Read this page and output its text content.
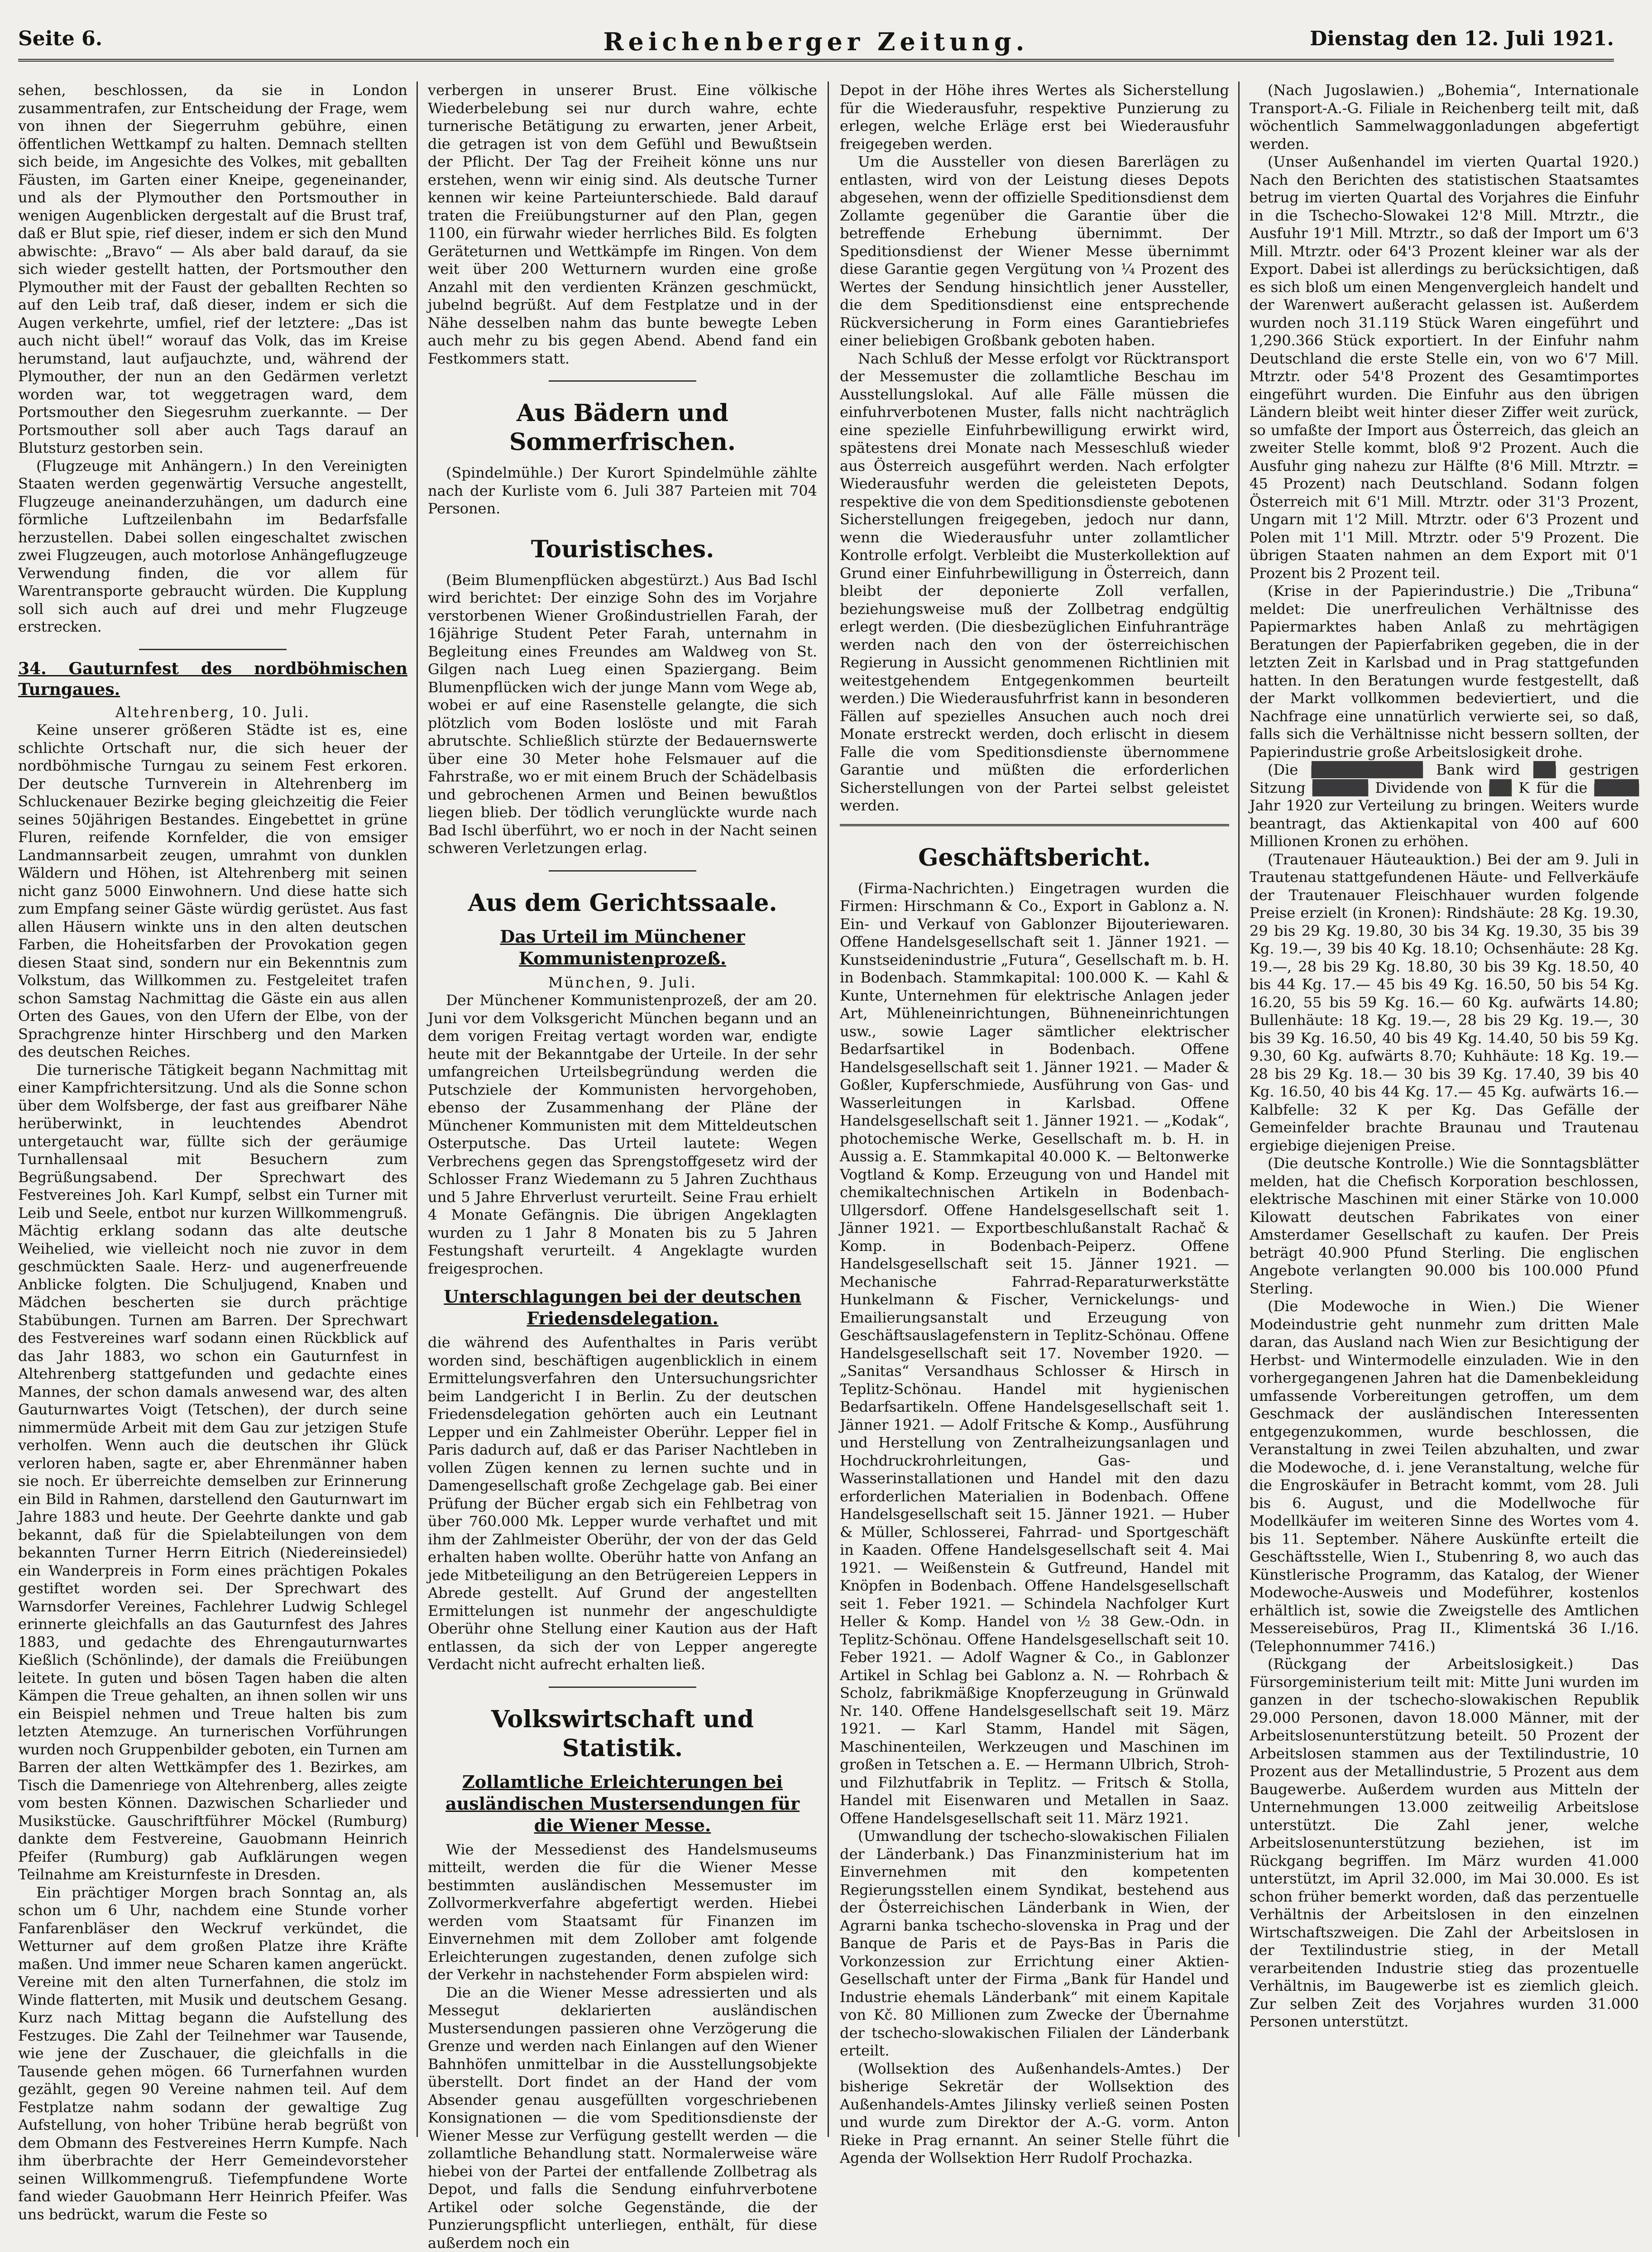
Seite 6.	Reichenberger Zeitung.	Dienstag den 12. Juli 1921.

sehen, beschlossen, da sie in London zusammentrafen, zur Entscheidung der Frage, wem von ihnen der Siegerruhm gebühre, einen öffentlichen Wettkampf zu halten. Demnach stellten sich beide, im Angesichte des Volkes, mit geballten Fäusten, im Garten einer Kneipe, gegeneinander, und als der Plymouther den Portsmouther in wenigen Augenblicken dergestalt auf die Brust traf, daß er Blut spie, rief dieser, indem er sich den Mund abwischte: „Bravo“ — Als aber bald darauf, da sie sich wieder gestellt hatten, der Portsmouther den Plymouther mit der Faust der geballten Rechten so auf den Leib traf, daß dieser, indem er sich die Augen verkehrte, umfiel, rief der letztere: „Das ist auch nicht übel!“ worauf das Volk, das im Kreise herumstand, laut aufjauchzte, und, während der Plymouther, der nun an den Gedärmen verletzt worden war, tot weggetragen ward, dem Portsmouther den Siegesruhm zuerkannte. — Der Portsmouther soll aber auch Tags darauf an Blutsturz gestorben sein.

(Flugzeuge mit Anhängern.) In den Vereinigten Staaten werden gegenwärtig Versuche angestellt, Flugzeuge aneinanderzuhängen, um dadurch eine förmliche Luftzeilenbahn im Bedarfsfalle herzustellen. Dabei sollen eingeschaltet zwischen zwei Flugzeugen, auch motorlose Anhängeflugzeuge Verwendung finden, die vor allem für Warentransporte gebraucht würden. Die Kupplung soll sich auch auf drei und mehr Flugzeuge erstrecken.

34. Gauturnfest des nordböhmischen Turngaues.

Altehrenberg, 10. Juli.

Keine unserer größeren Städte ist es, eine schlichte Ortschaft nur, die sich heuer der nordböhmische Turngau zu seinem Fest erkoren. Der deutsche Turnverein in Altehrenberg im Schluckenauer Bezirke beging gleichzeitig die Feier seines 50jährigen Bestandes. Eingebettet in grüne Fluren, reifende Kornfelder, die von emsiger Landmannsarbeit zeugen, umrahmt von dunklen Wäldern und Höhen, ist Altehrenberg mit seinen nicht ganz 5000 Einwohnern. Und diese hatte sich zum Empfang seiner Gäste würdig gerüstet. Aus fast allen Häusern winkte uns in den alten deutschen Farben, die Hoheitsfarben der Provokation gegen diesen Staat sind, sondern nur ein Bekenntnis zum Volkstum, das Willkommen zu. Festgeleitet trafen schon Samstag Nachmittag die Gäste ein aus allen Orten des Gaues, von den Ufern der Elbe, von der Sprachgrenze hinter Hirschberg und den Marken des deutschen Reiches.

Die turnerische Tätigkeit begann Nachmittag mit einer Kampfrichtersitzung. Und als die Sonne schon über dem Wolfsberge, der fast aus greifbarer Nähe herüberwinkt, in leuchtendes Abendrot untergetaucht war, füllte sich der geräumige Turnhallensaal mit Besuchern zum Begrüßungsabend. Der Sprechwart des Festvereines Joh. Karl Kumpf, selbst ein Turner mit Leib und Seele, entbot nur kurzen Willkommengruß. Mächtig erklang sodann das alte deutsche Weihelied, wie vielleicht noch nie zuvor in dem geschmückten Saale. Herz- und augenerfreuende Anblicke folgten. Die Schuljugend, Knaben und Mädchen bescherten sie durch prächtige Stabübungen. Turnen am Barren. Der Sprechwart des Festvereines warf sodann einen Rückblick auf das Jahr 1883, wo schon ein Gauturnfest in Altehrenberg stattgefunden und gedachte eines Mannes, der schon damals anwesend war, des alten Gauturnwartes Voigt (Tetschen), der durch seine nimmermüde Arbeit mit dem Gau zur jetzigen Stufe verholfen. Wenn auch die deutschen ihr Glück verloren haben, sagte er, aber Ehrenmänner haben sie noch. Er überreichte demselben zur Erinnerung ein Bild in Rahmen, darstellend den Gauturnwart im Jahre 1883 und heute. Der Geehrte dankte und gab bekannt, daß für die Spielabteilungen von dem bekannten Turner Herrn Eitrich (Niedereinsiedel) ein Wanderpreis in Form eines prächtigen Pokales gestiftet worden sei. Der Sprechwart des Warnsdorfer Vereines, Fachlehrer Ludwig Schlegel erinnerte gleichfalls an das Gauturnfest des Jahres 1883, und gedachte des Ehrengauturnwartes Kießlich (Schönlinde), der damals die Freiübungen leitete. In guten und bösen Tagen haben die alten Kämpen die Treue gehalten, an ihnen sollen wir uns ein Beispiel nehmen und Treue halten bis zum letzten Atemzuge. An turnerischen Vorführungen wurden noch Gruppenbilder geboten, ein Turnen am Barren der alten Wettkämpfer des 1. Bezirkes, am Tisch die Damenriege von Altehrenberg, alles zeigte vom besten Können. Dazwischen Scharlieder und Musikstücke. Gauschriftführer Möckel (Rumburg) dankte dem Festvereine, Gauobmann Heinrich Pfeifer (Rumburg) gab Aufklärungen wegen Teilnahme am Kreisturnfeste in Dresden.

Ein prächtiger Morgen brach Sonntag an, als schon um 6 Uhr, nachdem eine Stunde vorher Fanfarenbläser den Weckruf verkündet, die Wetturner auf dem großen Platze ihre Kräfte maßen. Und immer neue Scharen kamen angerückt. Vereine mit den alten Turnerfahnen, die stolz im Winde flatterten, mit Musik und deutschem Gesang. Kurz nach Mittag begann die Aufstellung des Festzuges. Die Zahl der Teilnehmer war Tausende, wie jene der Zuschauer, die gleichfalls in die Tausende gehen mögen. 66 Turnerfahnen wurden gezählt, gegen 90 Vereine nahmen teil. Auf dem Festplatze nahm sodann der gewaltige Zug Aufstellung, von hoher Tribüne herab begrüßt von dem Obmann des Festvereines Herrn Kumpfe. Nach ihm überbrachte der Herr Gemeindevorsteher seinen Willkommengruß. Tiefempfundene Worte fand wieder Gauobmann Herr Heinrich Pfeifer. Was uns bedrückt, warum die Feste so

verbergen in unserer Brust. Eine völkische Wiederbelebung sei nur durch wahre, echte turnerische Betätigung zu erwarten, jener Arbeit, die getragen ist von dem Gefühl und Bewußtsein der Pflicht. Der Tag der Freiheit könne uns nur erstehen, wenn wir einig sind. Als deutsche Turner kennen wir keine Parteiunterschiede. Bald darauf traten die Freiübungsturner auf den Plan, gegen 1100, ein fürwahr wieder herrliches Bild. Es folgten Geräteturnen und Wettkämpfe im Ringen. Von dem weit über 200 Wetturnern wurden eine große Anzahl mit den verdienten Kränzen geschmückt, jubelnd begrüßt. Auf dem Festplatze und in der Nähe desselben nahm das bunte bewegte Leben auch mehr zu bis gegen Abend. Abend fand ein Festkommers statt.

Aus Bädern und Sommerfrischen.

(Spindelmühle.) Der Kurort Spindelmühle zählte nach der Kurliste vom 6. Juli 387 Parteien mit 704 Personen.

Touristisches.

(Beim Blumenpflücken abgestürzt.) Aus Bad Ischl wird berichtet: Der einzige Sohn des im Vorjahre verstorbenen Wiener Großindustriellen Farah, der 16jährige Student Peter Farah, unternahm in Begleitung eines Freundes am Waldweg von St. Gilgen nach Lueg einen Spaziergang. Beim Blumenpflücken wich der junge Mann vom Wege ab, wobei er auf eine Rasenstelle gelangte, die sich plötzlich vom Boden loslöste und mit Farah abrutschte. Schließlich stürzte der Bedauernswerte über eine 30 Meter hohe Felsmauer auf die Fahrstraße, wo er mit einem Bruch der Schädelbasis und gebrochenen Armen und Beinen bewußtlos liegen blieb. Der tödlich verunglückte wurde nach Bad Ischl überführt, wo er noch in der Nacht seinen schweren Verletzungen erlag.

Aus dem Gerichtssaale.
Das Urteil im Münchener Kommunistenprozeß.

München, 9. Juli.

Der Münchener Kommunistenprozeß, der am 20. Juni vor dem Volksgericht München begann und an dem vorigen Freitag vertagt worden war, endigte heute mit der Bekanntgabe der Urteile. In der sehr umfangreichen Urteilsbegründung werden die Putschziele der Kommunisten hervorgehoben, ebenso der Zusammenhang der Pläne der Münchener Kommunisten mit dem Mitteldeutschen Osterputsche. Das Urteil lautete: Wegen Verbrechens gegen das Sprengstoffgesetz wird der Schlosser Franz Wiedemann zu 5 Jahren Zuchthaus und 5 Jahre Ehrverlust verurteilt. Seine Frau erhielt 4 Monate Gefängnis. Die übrigen Angeklagten wurden zu 1 Jahr 8 Monaten bis zu 5 Jahren Festungshaft verurteilt. 4 Angeklagte wurden freigesprochen.

Unterschlagungen bei der deutschen Friedensdelegation.

die während des Aufenthaltes in Paris verübt worden sind, beschäftigen augenblicklich in einem Ermittelungsverfahren den Untersuchungsrichter beim Landgericht I in Berlin. Zu der deutschen Friedensdelegation gehörten auch ein Leutnant Lepper und ein Zahlmeister Oberühr. Lepper fiel in Paris dadurch auf, daß er das Pariser Nachtleben in vollen Zügen kennen zu lernen suchte und in Damengesellschaft große Zechgelage gab. Bei einer Prüfung der Bücher ergab sich ein Fehlbetrag von über 760.000 Mk. Lepper wurde verhaftet und mit ihm der Zahlmeister Oberühr, der von der das Geld erhalten haben wollte. Oberühr hatte von Anfang an jede Mitbeteiligung an den Betrügereien Leppers in Abrede gestellt. Auf Grund der angestellten Ermittelungen ist nunmehr der angeschuldigte Oberühr ohne Stellung einer Kaution aus der Haft entlassen, da sich der von Lepper angeregte Verdacht nicht aufrecht erhalten ließ.

Volkswirtschaft und Statistik.
Zollamtliche Erleichterungen bei ausländischen Mustersendungen für die Wiener Messe.

Wie der Messedienst des Handelsmuseums mitteilt, werden die für die Wiener Messe bestimmten ausländischen Messemuster im Zollvormerkverfahre abgefertigt werden. Hiebei werden vom Staatsamt für Finanzen im Einvernehmen mit dem Zollober amt folgende Erleichterungen zugestanden, denen zufolge sich der Verkehr in nachstehender Form abspielen wird:

Die an die Wiener Messe adressierten und als Messegut deklarierten ausländischen Mustersendungen passieren ohne Verzögerung die Grenze und werden nach Einlangen auf den Wiener Bahnhöfen unmittelbar in die Ausstellungsobjekte überstellt. Dort findet an der Hand der vom Absender genau ausgefüllten vorgeschriebenen Konsignationen — die vom Speditionsdienste der Wiener Messe zur Verfügung gestellt werden — die zollamtliche Behandlung statt. Normalerweise wäre hiebei von der Partei der entfallende Zollbetrag als Depot, und falls die Sendung einfuhrverbotene Artikel oder solche Gegenstände, die der Punzierungspflicht unterliegen, enthält, für diese außerdem noch ein

Depot in der Höhe ihres Wertes als Sicherstellung für die Wiederausfuhr, respektive Punzierung zu erlegen, welche Erläge erst bei Wiederausfuhr freigegeben werden.

Um die Aussteller von diesen Barerlägen zu entlasten, wird von der Leistung dieses Depots abgesehen, wenn der offizielle Speditionsdienst dem Zollamte gegenüber die Garantie über die betreffende Erhebung übernimmt. Der Speditionsdienst der Wiener Messe übernimmt diese Garantie gegen Vergütung von ¼ Prozent des Wertes der Sendung hinsichtlich jener Aussteller, die dem Speditionsdienst eine entsprechende Rückversicherung in Form eines Garantiebriefes einer beliebigen Großbank geboten haben.

Nach Schluß der Messe erfolgt vor Rücktransport der Messemuster die zollamtliche Beschau im Ausstellungslokal. Auf alle Fälle müssen die einfuhrverbotenen Muster, falls nicht nachträglich eine spezielle Einfuhrbewilligung erwirkt wird, spätestens drei Monate nach Messeschluß wieder aus Österreich ausgeführt werden. Nach erfolgter Wiederausfuhr werden die geleisteten Depots, respektive die von dem Speditionsdienste gebotenen Sicherstellungen freigegeben, jedoch nur dann, wenn die Wiederausfuhr unter zollamtlicher Kontrolle erfolgt. Verbleibt die Musterkollektion auf Grund einer Einfuhrbewilligung in Österreich, dann bleibt der deponierte Zoll verfallen, beziehungsweise muß der Zollbetrag endgültig erlegt werden. (Die diesbezüglichen Einfuhranträge werden nach den von der österreichischen Regierung in Aussicht genommenen Richtlinien mit weitestgehendem Entgegenkommen beurteilt werden.) Die Wiederausfuhrfrist kann in besonderen Fällen auf spezielles Ansuchen auch noch drei Monate erstreckt werden, doch erlischt in diesem Falle die vom Speditionsdienste übernommene Garantie und müßten die erforderlichen Sicherstellungen von der Partei selbst geleistet werden.

Geschäftsbericht.

(Firma-Nachrichten.) Eingetragen wurden die Firmen: Hirschmann & Co., Export in Gablonz a. N. Ein- und Verkauf von Gablonzer Bijouteriewaren. Offene Handelsgesellschaft seit 1. Jänner 1921. — Kunstseidenindustrie „Futura“, Gesellschaft m. b. H. in Bodenbach. Stammkapital: 100.000 K. — Kahl & Kunte, Unternehmen für elektrische Anlagen jeder Art, Mühleneinrichtungen, Bühneneinrichtungen usw., sowie Lager sämtlicher elektrischer Bedarfsartikel in Bodenbach. Offene Handelsgesellschaft seit 1. Jänner 1921. — Mader & Goßler, Kupferschmiede, Ausführung von Gas- und Wasserleitungen in Karlsbad. Offene Handelsgesellschaft seit 1. Jänner 1921. — „Kodak“, photochemische Werke, Gesellschaft m. b. H. in Aussig a. E. Stammkapital 40.000 K. — Beltonwerke Vogtland & Komp. Erzeugung von und Handel mit chemikaltechnischen Artikeln in Bodenbach-Ullgersdorf. Offene Handelsgesellschaft seit 1. Jänner 1921. — Exportbeschlußanstalt Rachač & Komp. in Bodenbach-Peiperz. Offene Handelsgesellschaft seit 15. Jänner 1921. — Mechanische Fahrrad-Reparaturwerkstätte Hunkelmann & Fischer, Vernickelungs- und Emailierungsanstalt und Erzeugung von Geschäftsauslagefenstern in Teplitz-Schönau. Offene Handelsgesellschaft seit 17. November 1920. — „Sanitas“ Versandhaus Schlosser & Hirsch in Teplitz-Schönau. Handel mit hygienischen Bedarfsartikeln. Offene Handelsgesellschaft seit 1. Jänner 1921. — Adolf Fritsche & Komp., Ausführung und Herstellung von Zentralheizungsanlagen und Hochdruckrohrleitungen, Gas- und Wasserinstallationen und Handel mit den dazu erforderlichen Materialien in Bodenbach. Offene Handelsgesellschaft seit 15. Jänner 1921. — Huber & Müller, Schlosserei, Fahrrad- und Sportgeschäft in Kaaden. Offene Handelsgesellschaft seit 4. Mai 1921. — Weißenstein & Gutfreund, Handel mit Knöpfen in Bodenbach. Offene Handelsgesellschaft seit 1. Feber 1921. — Schindela Nachfolger Kurt Heller & Komp. Handel von ½ 38 Gew.-Odn. in Teplitz-Schönau. Offene Handelsgesellschaft seit 10. Feber 1921. — Adolf Wagner & Co., in Gablonzer Artikel in Schlag bei Gablonz a. N. — Rohrbach & Scholz, fabrikmäßige Knopferzeugung in Grünwald Nr. 140. Offene Handelsgesellschaft seit 19. März 1921. — Karl Stamm, Handel mit Sägen, Maschinenteilen, Werkzeugen und Maschinen im großen in Tetschen a. E. — Hermann Ulbrich, Stroh- und Filzhutfabrik in Teplitz. — Fritsch & Stolla, Handel mit Eisenwaren und Metallen in Saaz. Offene Handelsgesellschaft seit 11. März 1921.

(Umwandlung der tschecho-slowakischen Filialen der Länderbank.) Das Finanzministerium hat im Einvernehmen mit den kompetenten Regierungsstellen einem Syndikat, bestehend aus der Österreichischen Länderbank in Wien, der Agrarni banka tschecho-slovenska in Prag und der Banque de Paris et de Pays-Bas in Paris die Vorkonzession zur Errichtung einer Aktien-Gesellschaft unter der Firma „Bank für Handel und Industrie ehemals Länderbank“ mit einem Kapitale von Kč. 80 Millionen zum Zwecke der Übernahme der tschecho-slowakischen Filialen der Länderbank erteilt.

(Wollsektion des Außenhandels-Amtes.) Der bisherige Sekretär der Wollsektion des Außenhandels-Amtes Jilinsky verließ seinen Posten und wurde zum Direktor der A.-G. vorm. Anton Rieke in Prag ernannt. An seiner Stelle führt die Agenda der Wollsektion Herr Rudolf Prochazka.

(Nach Jugoslawien.) „Bohemia“, Internationale Transport-A.-G. Filiale in Reichenberg teilt mit, daß wöchentlich Sammelwaggonladungen abgefertigt werden.

(Unser Außenhandel im vierten Quartal 1920.) Nach den Berichten des statistischen Staatsamtes betrug im vierten Quartal des Vorjahres die Einfuhr in die Tschecho-Slowakei 12'8 Mill. Mtrztr., die Ausfuhr 19'1 Mill. Mtrztr., so daß der Import um 6'3 Mill. Mtrztr. oder 64'3 Prozent kleiner war als der Export. Dabei ist allerdings zu berücksichtigen, daß es sich bloß um einen Mengenvergleich handelt und der Warenwert außeracht gelassen ist. Außerdem wurden noch 31.119 Stück Waren eingeführt und 1,290.366 Stück exportiert. In der Einfuhr nahm Deutschland die erste Stelle ein, von wo 6'7 Mill. Mtrztr. oder 54'8 Prozent des Gesamtimportes eingeführt wurden. Die Einfuhr aus den übrigen Ländern bleibt weit hinter dieser Ziffer weit zurück, so umfaßte der Import aus Österreich, das gleich an zweiter Stelle kommt, bloß 9'2 Prozent. Auch die Ausfuhr ging nahezu zur Hälfte (8'6 Mill. Mtrztr. = 45 Prozent) nach Deutschland. Sodann folgen Österreich mit 6'1 Mill. Mtrztr. oder 31'3 Prozent, Ungarn mit 1'2 Mill. Mtrztr. oder 6'3 Prozent und Polen mit 1'1 Mill. Mtrztr. oder 5'9 Prozent. Die übrigen Staaten nahmen an dem Export mit 0'1 Prozent bis 2 Prozent teil.

(Krise in der Papierindustrie.) Die „Tribuna“ meldet: Die unerfreulichen Verhältnisse des Papiermarktes haben Anlaß zu mehrtägigen Beratungen der Papierfabriken gegeben, die in der letzten Zeit in Karlsbad und in Prag stattgefunden hatten. In den Beratungen wurde festgestellt, daß der Markt vollkommen bedeviertiert, und die Nachfrage eine unnatürlich verwierte sei, so daß, falls sich die Verhältnisse nicht bessern sollten, der Papierindustrie große Arbeitslosigkeit drohe.

(Die ▆▆▆▆▆▆▆▆▆▆ Bank wird ▆▆ gestrigen Sitzung ▆▆▆▆▆ Dividende von ▆▆ K für die ▆▆▆▆ Jahr 1920 zur Verteilung zu bringen. Weiters wurde beantragt, das Aktienkapital von 400 auf 600 Millionen Kronen zu erhöhen.

(Trautenauer Häuteauktion.) Bei der am 9. Juli in Trautenau stattgefundenen Häute- und Fellverkäufe der Trautenauer Fleischhauer wurden folgende Preise erzielt (in Kronen): Rindshäute: 28 Kg. 19.30, 29 bis 29 Kg. 19.80, 30 bis 34 Kg. 19.30, 35 bis 39 Kg. 19.—, 39 bis 40 Kg. 18.10; Ochsenhäute: 28 Kg. 19.—, 28 bis 29 Kg. 18.80, 30 bis 39 Kg. 18.50, 40 bis 44 Kg. 17.— 45 bis 49 Kg. 16.50, 50 bis 54 Kg. 16.20, 55 bis 59 Kg. 16.— 60 Kg. aufwärts 14.80; Bullenhäute: 18 Kg. 19.—, 28 bis 29 Kg. 19.—, 30 bis 39 Kg. 16.50, 40 bis 49 Kg. 14.40, 50 bis 59 Kg. 9.30, 60 Kg. aufwärts 8.70; Kuhhäute: 18 Kg. 19.— 28 bis 29 Kg. 18.— 30 bis 39 Kg. 17.40, 39 bis 40 Kg. 16.50, 40 bis 44 Kg. 17.— 45 Kg. aufwärts 16.— Kalbfelle: 32 K per Kg. Das Gefälle der Gemeinfelder brachte Braunau und Trautenau ergiebige diejenigen Preise.

(Die deutsche Kontrolle.) Wie die Sonntagsblätter melden, hat die Chefisch Korporation beschlossen, elektrische Maschinen mit einer Stärke von 10.000 Kilowatt deutschen Fabrikates von einer Amsterdamer Gesellschaft zu kaufen. Der Preis beträgt 40.900 Pfund Sterling. Die englischen Angebote verlangten 90.000 bis 100.000 Pfund Sterling.

(Die Modewoche in Wien.) Die Wiener Modeindustrie geht nunmehr zum dritten Male daran, das Ausland nach Wien zur Besichtigung der Herbst- und Wintermodelle einzuladen. Wie in den vorhergegangenen Jahren hat die Damenbekleidung umfassende Vorbereitungen getroffen, um dem Geschmack der ausländischen Interessenten entgegenzukommen, wurde beschlossen, die Veranstaltung in zwei Teilen abzuhalten, und zwar die Modewoche, d. i. jene Veranstaltung, welche für die Engroskäufer in Betracht kommt, vom 28. Juli bis 6. August, und die Modellwoche für Modellkäufer im weiteren Sinne des Wortes vom 4. bis 11. September. Nähere Auskünfte erteilt die Geschäftsstelle, Wien I., Stubenring 8, wo auch das Künstlerische Programm, das Katalog, der Wiener Modewoche-Ausweis und Modeführer, kostenlos erhältlich ist, sowie die Zweigstelle des Amtlichen Messereisebüros, Prag II., Klimentská 36 I./16. (Telephonnummer 7416.)

(Rückgang der Arbeitslosigkeit.) Das Fürsorgeministerium teilt mit: Mitte Juni wurden im ganzen in der tschecho-slowakischen Republik 29.000 Personen, davon 18.000 Männer, mit der Arbeitslosenunterstützung beteilt. 50 Prozent der Arbeitslosen stammen aus der Textilindustrie, 10 Prozent aus der Metallindustrie, 5 Prozent aus dem Baugewerbe. Außerdem wurden aus Mitteln der Unternehmungen 13.000 zeitweilig Arbeitslose unterstützt. Die Zahl jener, welche Arbeitslosenunterstützung beziehen, ist im Rückgang begriffen. Im März wurden 41.000 unterstützt, im April 32.000, im Mai 30.000. Es ist schon früher bemerkt worden, daß das perzentuelle Verhältnis der Arbeitslosen in den einzelnen Wirtschaftszweigen. Die Zahl der Arbeitslosen in der Textilindustrie stieg, in der Metall verarbeitenden Industrie stieg das prozentuelle Verhältnis, im Baugewerbe ist es ziemlich gleich. Zur selben Zeit des Vorjahres wurden 31.000 Personen unterstützt.
